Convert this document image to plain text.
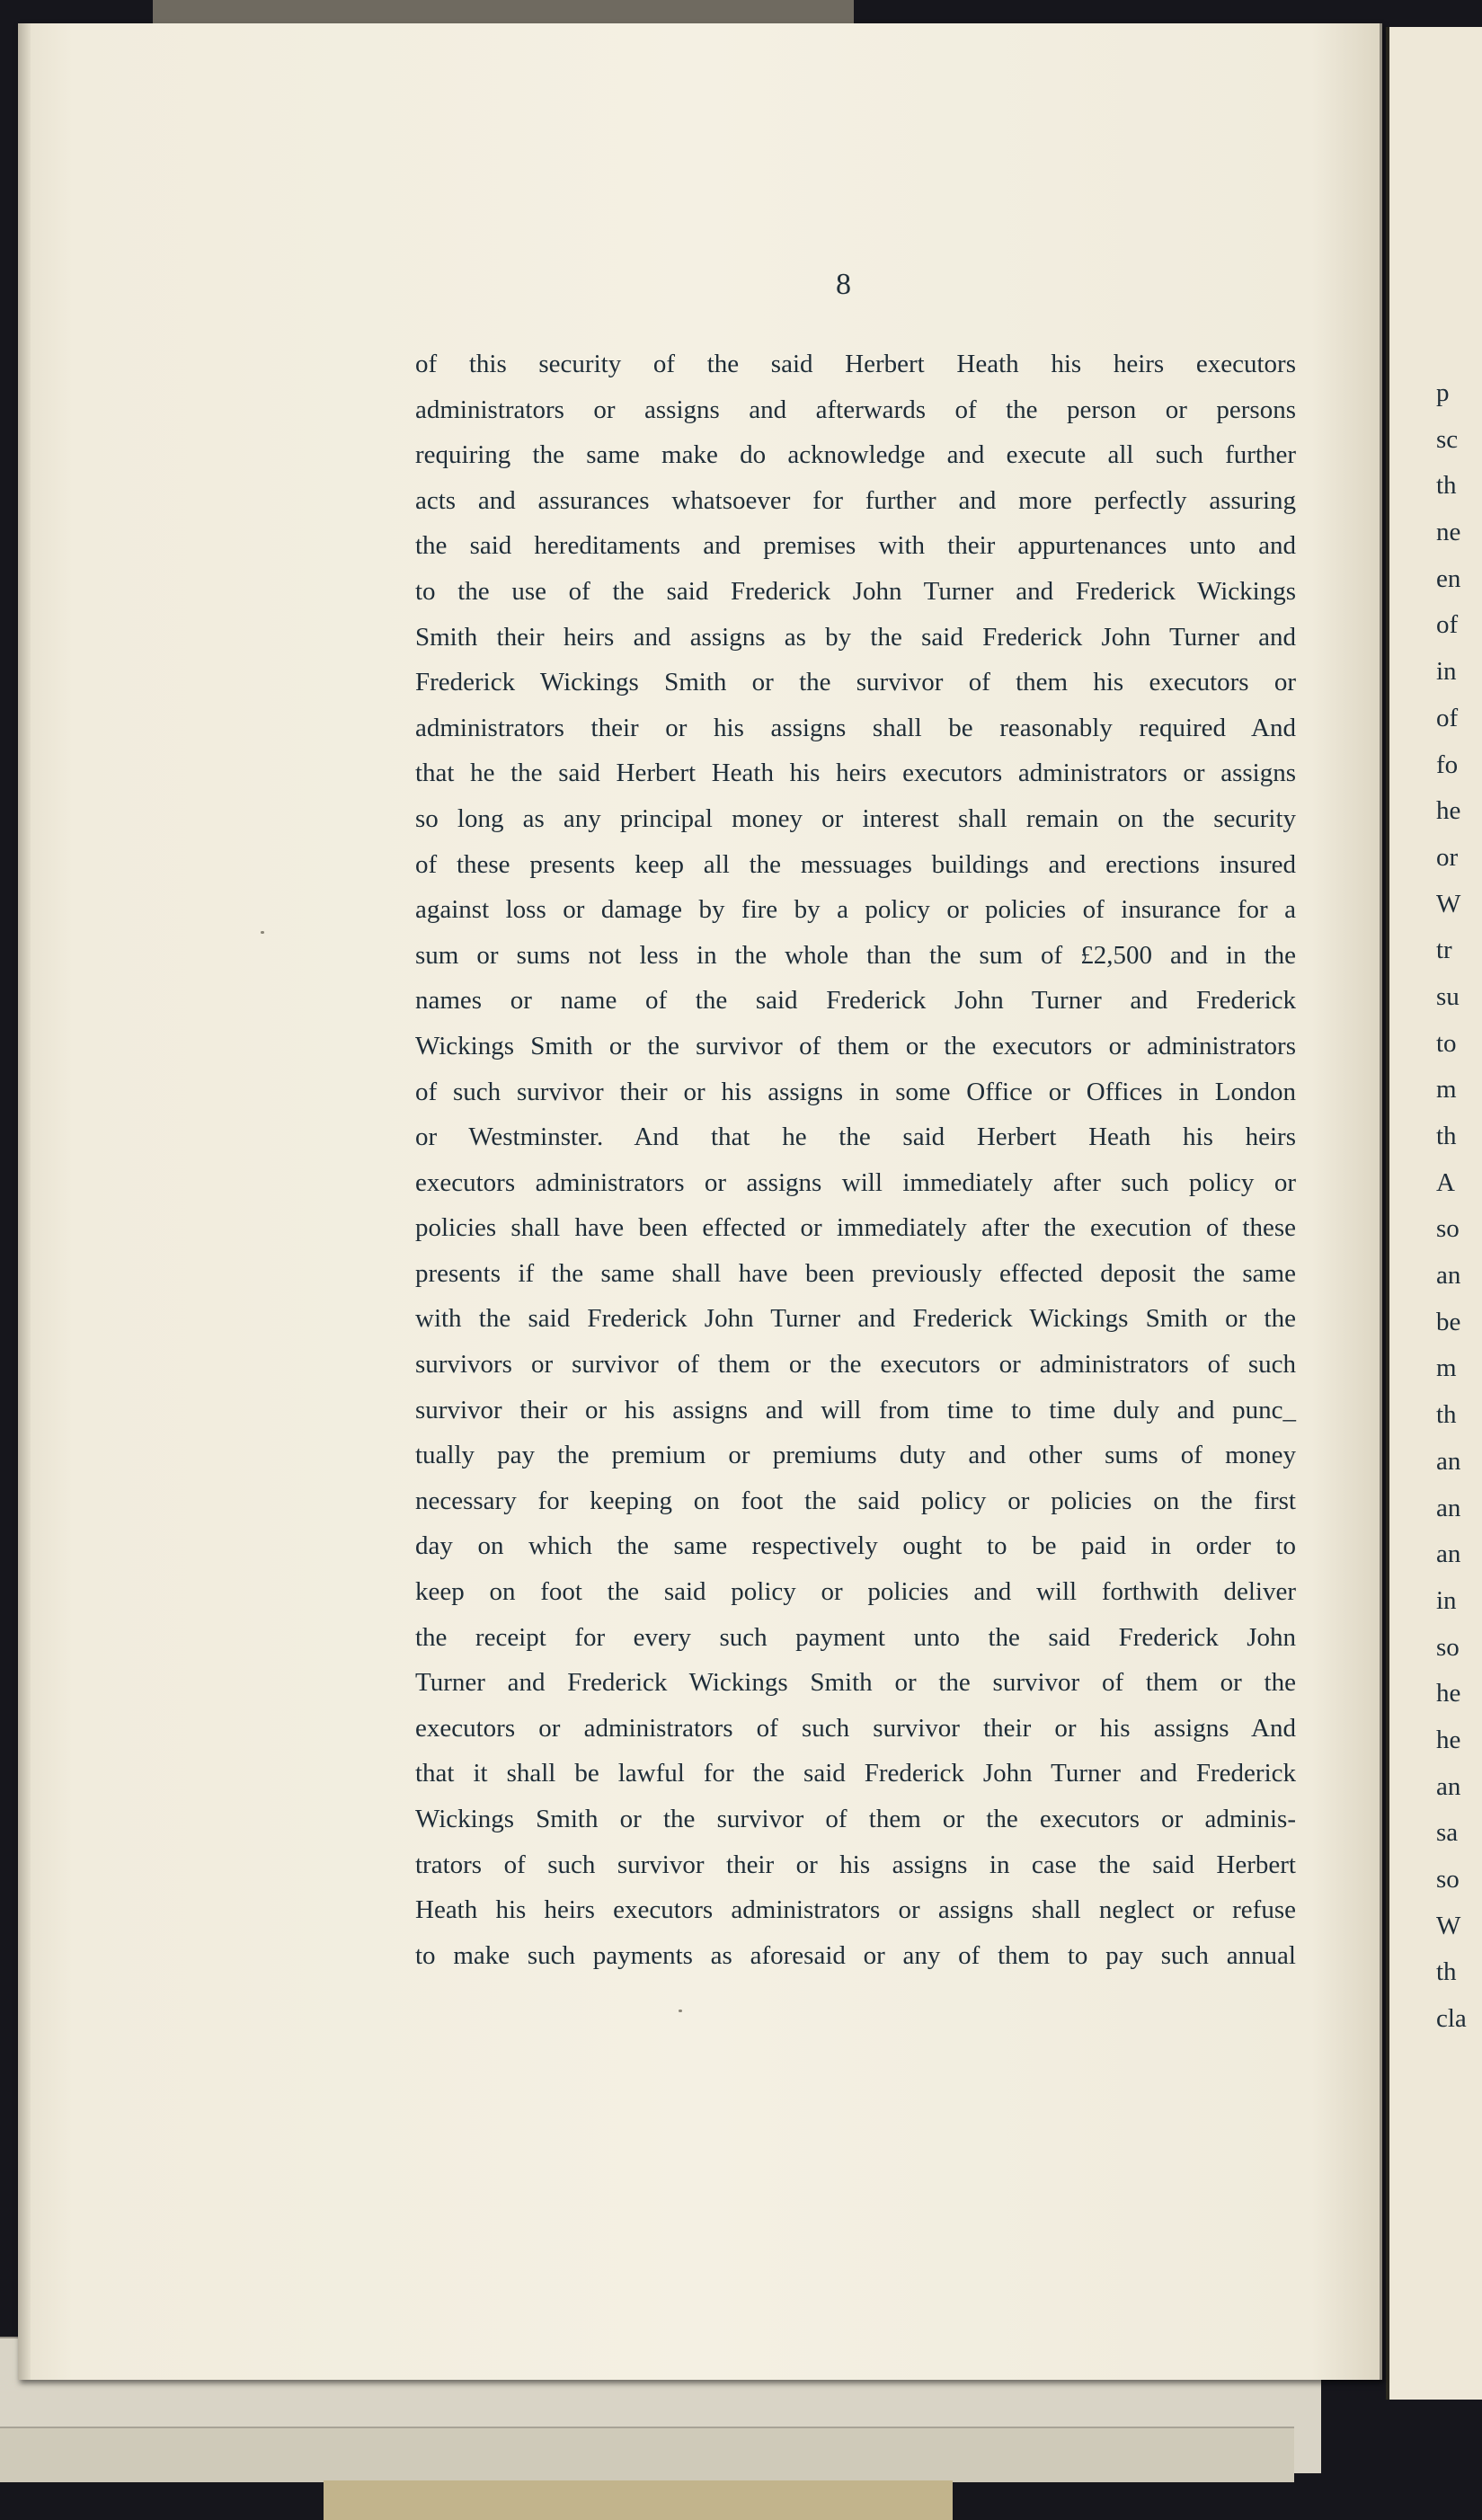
8
of this security of the said Herbert Heath his heirs executors
administrators or assigns and afterwards of the person or persons
requiring the same make do acknowledge and execute all such further
acts and assurances whatsoever for further and more perfectly assuring
the said hereditaments and premises with their appurtenances unto and
to the use of the said Frederick John Turner and Frederick Wickings
Smith their heirs and assigns as by the said Frederick John Turner and
Frederick Wickings Smith or the survivor of them his executors or
administrators their or his assigns shall be reasonably required And
that he the said Herbert Heath his heirs executors administrators or assigns
so long as any principal money or interest shall remain on the security
of these presents keep all the messuages buildings and erections insured
against loss or damage by fire by a policy or policies of insurance for a
sum or sums not less in the whole than the sum of £2,500 and in the
names or name of the said Frederick John Turner and Frederick
Wickings Smith or the survivor of them or the executors or administrators
of such survivor their or his assigns in some Office or Offices in London
or Westminster. And that he the said Herbert Heath his heirs
executors administrators or assigns will immediately after such policy or
policies shall have been effected or immediately after the execution of these
presents if the same shall have been previously effected deposit the same
with the said Frederick John Turner and Frederick Wickings Smith or the
survivors or survivor of them or the executors or administrators of such
survivor their or his assigns and will from time to time duly and punc_
tually pay the premium or premiums duty and other sums of money
necessary for keeping on foot the said policy or policies on the first
day on which the same respectively ought to be paid in order to
keep on foot the said policy or policies and will forthwith deliver
the receipt for every such payment unto the said Frederick John
Turner and Frederick Wickings Smith or the survivor of them or the
executors or administrators of such survivor their or his assigns And
that it shall be lawful for the said Frederick John Turner and Frederick
Wickings Smith or the survivor of them or the executors or adminis-
trators of such survivor their or his assigns in case the said Herbert
Heath his heirs executors administrators or assigns shall neglect or refuse
to make such payments as aforesaid or any of them to pay such annual
p
sc
th
ne
en
of
in
of
fo
he
or
W
tr
su
to
m
th
A
so
an
be
m
th
an
an
an
in
so
he
he
an
sa
so
W
th
cla
